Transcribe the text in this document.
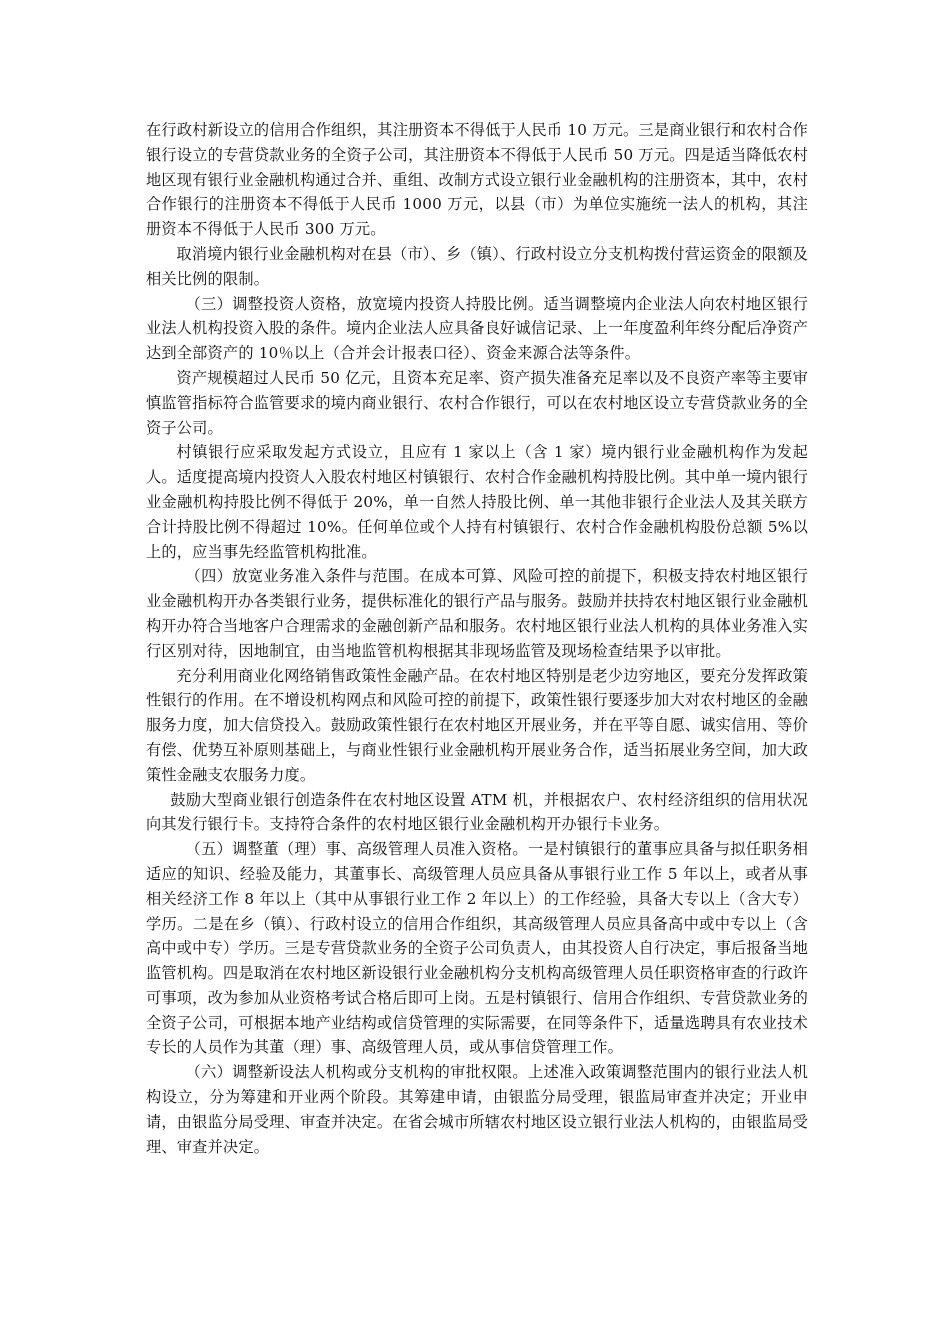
在行政村新设立的信用合作组织，其注册资本不得低于人民币 10 万元。三是商业银行和农村合作银行设立的专营贷款业务的全资子公司，其注册资本不得低于人民币 50 万元。四是适当降低农村地区现有银行业金融机构通过合并、重组、改制方式设立银行业金融机构的注册资本，其中，农村合作银行的注册资本不得低于人民币 1000 万元，以县（市）为单位实施统一法人的机构，其注册资本不得低于人民币 300 万元。

取消境内银行业金融机构对在县（市）、乡（镇）、行政村设立分支机构拨付营运资金的限额及相关比例的限制。

（三）调整投资人资格，放宽境内投资人持股比例。适当调整境内企业法人向农村地区银行业法人机构投资入股的条件。境内企业法人应具备良好诚信记录、上一年度盈利年终分配后净资产达到全部资产的 10％以上（合并会计报表口径）、资金来源合法等条件。

资产规模超过人民币 50 亿元，且资本充足率、资产损失准备充足率以及不良资产率等主要审慎监管指标符合监管要求的境内商业银行、农村合作银行，可以在农村地区设立专营贷款业务的全资子公司。

村镇银行应采取发起方式设立，且应有 1 家以上（含 1 家）境内银行业金融机构作为发起人。适度提高境内投资人入股农村地区村镇银行、农村合作金融机构持股比例。其中单一境内银行业金融机构持股比例不得低于 20%，单一自然人持股比例、单一其他非银行企业法人及其关联方合计持股比例不得超过 10%。任何单位或个人持有村镇银行、农村合作金融机构股份总额 5%以上的，应当事先经监管机构批准。

（四）放宽业务准入条件与范围。在成本可算、风险可控的前提下，积极支持农村地区银行业金融机构开办各类银行业务，提供标准化的银行产品与服务。鼓励并扶持农村地区银行业金融机构开办符合当地客户合理需求的金融创新产品和服务。农村地区银行业法人机构的具体业务准入实行区别对待，因地制宜，由当地监管机构根据其非现场监管及现场检查结果予以审批。

充分利用商业化网络销售政策性金融产品。在农村地区特别是老少边穷地区，要充分发挥政策性银行的作用。在不增设机构网点和风险可控的前提下，政策性银行要逐步加大对农村地区的金融服务力度，加大信贷投入。鼓励政策性银行在农村地区开展业务，并在平等自愿、诚实信用、等价有偿、优势互补原则基础上，与商业性银行业金融机构开展业务合作，适当拓展业务空间，加大政策性金融支农服务力度。

鼓励大型商业银行创造条件在农村地区设置 ATM 机，并根据农户、农村经济组织的信用状况向其发行银行卡。支持符合条件的农村地区银行业金融机构开办银行卡业务。

（五）调整董（理）事、高级管理人员准入资格。一是村镇银行的董事应具备与拟任职务相适应的知识、经验及能力，其董事长、高级管理人员应具备从事银行业工作 5 年以上，或者从事相关经济工作 8 年以上（其中从事银行业工作 2 年以上）的工作经验，具备大专以上（含大专）学历。二是在乡（镇）、行政村设立的信用合作组织，其高级管理人员应具备高中或中专以上（含高中或中专）学历。三是专营贷款业务的全资子公司负责人，由其投资人自行决定，事后报备当地监管机构。四是取消在农村地区新设银行业金融机构分支机构高级管理人员任职资格审查的行政许可事项，改为参加从业资格考试合格后即可上岗。五是村镇银行、信用合作组织、专营贷款业务的全资子公司，可根据本地产业结构或信贷管理的实际需要，在同等条件下，适量选聘具有农业技术专长的人员作为其董（理）事、高级管理人员，或从事信贷管理工作。

（六）调整新设法人机构或分支机构的审批权限。上述准入政策调整范围内的银行业法人机构设立，分为筹建和开业两个阶段。其筹建申请，由银监分局受理，银监局审查并决定；开业申请，由银监分局受理、审查并决定。在省会城市所辖农村地区设立银行业法人机构的，由银监局受理、审查并决定。
